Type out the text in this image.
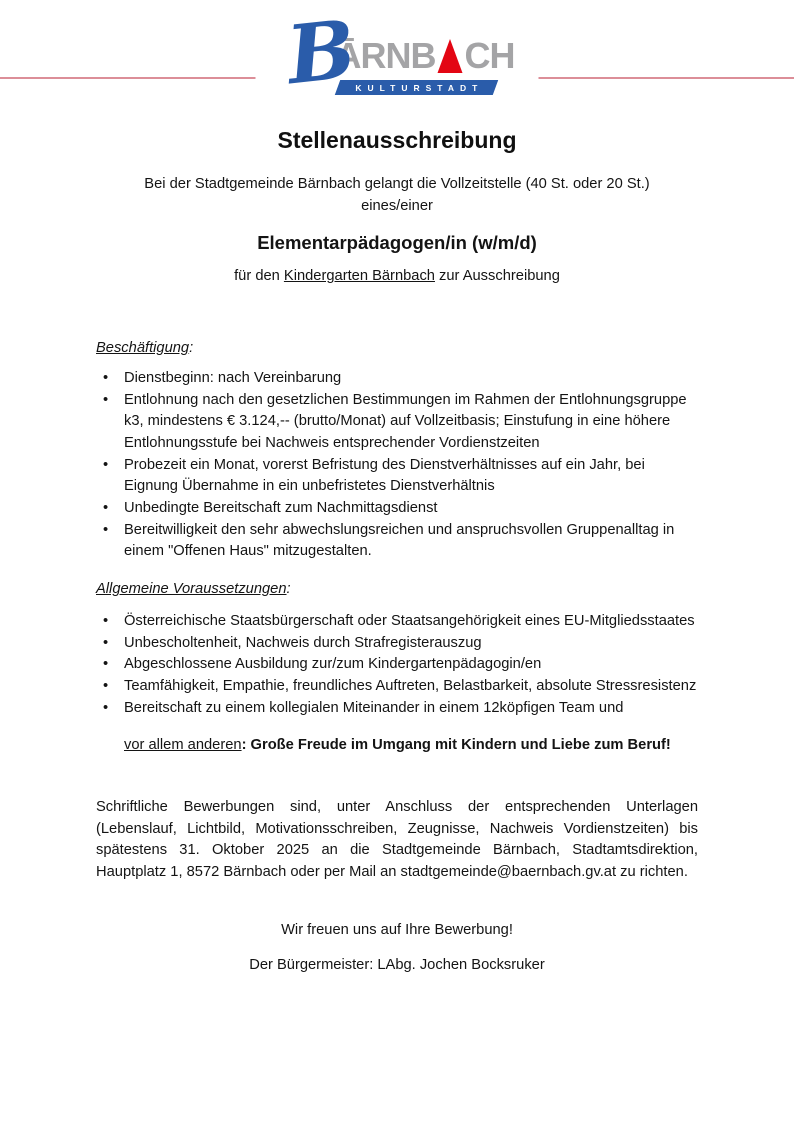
B
ĀRNB CH
KULTURSTADT
Stellenausschreibung
Bei der Stadtgemeinde Bärnbach gelangt die Vollzeitstelle (40 St. oder 20 St.)
eines/einer
Elementarpädagogen/in (w/m/d)
für den Kindergarten Bärnbach zur Ausschreibung
Beschäftigung:
• Dienstbeginn: nach Vereinbarung
• Entlohnung nach den gesetzlichen Bestimmungen im Rahmen der Entlohnungsgruppe k3, mindestens € 3.124,-- (brutto/Monat) auf Vollzeitbasis; Einstufung in eine höhere Entlohnungsstufe bei Nachweis entsprechender Vordienstzeiten
• Probezeit ein Monat, vorerst Befristung des Dienstverhältnisses auf ein Jahr, bei Eignung Übernahme in ein unbefristetes Dienstverhältnis
• Unbedingte Bereitschaft zum Nachmittagsdienst
• Bereitwilligkeit den sehr abwechslungsreichen und anspruchsvollen Gruppenalltag in einem "Offenen Haus" mitzugestalten.
Allgemeine Voraussetzungen:
• Österreichische Staatsbürgerschaft oder Staatsangehörigkeit eines EU-Mitgliedsstaates
• Unbescholtenheit, Nachweis durch Strafregisterauszug
• Abgeschlossene Ausbildung zur/zum Kindergartenpädagogin/en
• Teamfähigkeit, Empathie, freundliches Auftreten, Belastbarkeit, absolute Stressresistenz
• Bereitschaft zu einem kollegialen Miteinander in einem 12köpfigen Team und
vor allem anderen: Große Freude im Umgang mit Kindern und Liebe zum Beruf!

Schriftliche Bewerbungen sind, unter Anschluss der entsprechenden Unterlagen (Lebenslauf, Lichtbild, Motivationsschreiben, Zeugnisse, Nachweis Vordienstzeiten) bis spätestens 31. Oktober 2025 an die Stadtgemeinde Bärnbach, Stadtamtsdirektion, Hauptplatz 1, 8572 Bärnbach oder per Mail an stadtgemeinde@baernbach.gv.at zu richten.

Wir freuen uns auf Ihre Bewerbung!
Der Bürgermeister: LAbg. Jochen Bocksruker
